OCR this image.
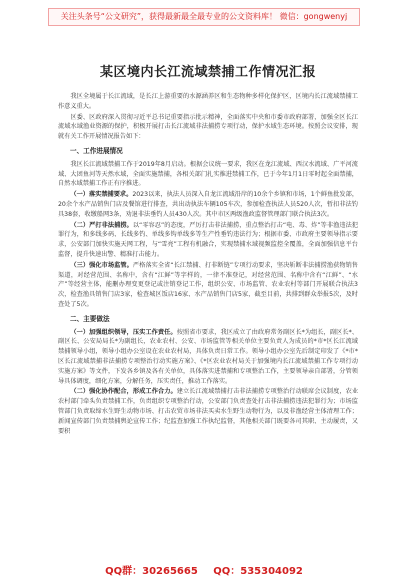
关注头条号“公文研究”，获得最新最全最专业的公文资料库！ 微信：gongwenyj
某区境内长江流域禁捕工作情况汇报

我区全境属于长江流域，是长江上游重要的水源涵养区和生态物种多样化保护区，区境内长江流域禁捕工作意义重大。

区委、区政府深入贯彻习近平总书记重要指示批示精神，全面落实中央和市委市政府部署，加强全区长江流域水域渔业资源的保护，积极开展打击长江流域非法捕捞专项行动，保护水域生态环境。按照会议安排，现就有关工作开展情况报告如下：

一、工作进展情况

我区长江流域禁捕工作于2019年8月启动。根据会议统一要求，我区在龙江流域、西汉水流域、广平河流域、大团鱼河等天然水域，全面实施禁捕，各相关部门扎实推进禁捕工作，已于今年1月1日零时起全面禁捕，自然水域禁捕工作正有序推进。

（一）落实禁捕要求。2023以来，执法人员深入自龙江流域沿岸的10余个乡镇和市场，1个鲜鱼批发部，20余个水产品销售门店及餐馆进行排查，共出动执法车辆105车次，参加检查执法人员520人次，暂扣非法钓具38套，收缴船网3条，劝退非法垂钓人员430人次。其中市区两级渔政监督管理部门联合执法3次。

（二）严打非法捕捞。以“零容忍”的态度，严厉打击非法捕捞，重点整治打击“电、毒、炸”等非渔违法犯罪行为，和多线多码、长线多钓、单线多钩单线多等生产性垂钓违法行为；根据市委、市政府主要领导指示要求，公安部门加快实施天网工程，与“雪亮”工程有机融合，实现禁捕水域视频监控全覆盖，全面加强信息平台监督，提升快速出警、精准打击能力。

（三）强化市场监管。严格落实全省“长江禁捕、打非断链”专项行动要求，坚决斩断非法捕捞渔获物销售渠道，对经营范围、名称中，含有“江鲜”等字样的，一律不准登记，对经营范围、名称中含有“江鲜”、“水产”等经营主体，能删办理变更登记或注销登记工作，组织公安、市场监管、农业农村等部门开展联合执法3次，检查渔具销售门店3家，检查城区饭店16家、水产品销售门店5家，截至目前，共排到群众举报5次，及时查处了5次。

二、主要做法

（一）加强组织领导，压实工作责任。按照省市要求，我区成立了由政府常务副区长*为组长，副区长*、副区长、公安局局长*为副组长，农业农村、公安、市场监管等相关单位主要负责人为成员的*市*区长江流域禁捕领导小组，领导小组办公室设在农业农村局，具体负责日常工作。领导小组办公室先后制定印发了《*市*区长江流域禁捕非法捕捞专项整治行动实施方案》、《*区农业农村局关于加强境内长江流域禁捕工作专项行动实施方案》等文件，下发各乡镇及各有关单位，具体落实进禁捕和专项整治工作，主要领导亲自部署，分管领导具体调度，细化方案，分解任务，压实责任，推动工作落实。

（二）强化协作配合，形成工作合力。建立长江流域禁捕打击非法捕捞专项整治行动联席会议制度，农业农村部门牵头负责禁捕工作，负责组织专项整治行动，公安部门负责查处打击非法捕捞违法犯罪行为；市场监管部门负责取缔水生野生动物市场、打击农贸市场非法买卖水生野生动物行为，以及非渔经营主体清理工作；新闻宣传部门负责禁捕舆论宣传工作；纪监查加强工作执纪监督，其他相关部门既要各司其职、主动履责，又要积

QQ群：30265665 QQ：535304092
